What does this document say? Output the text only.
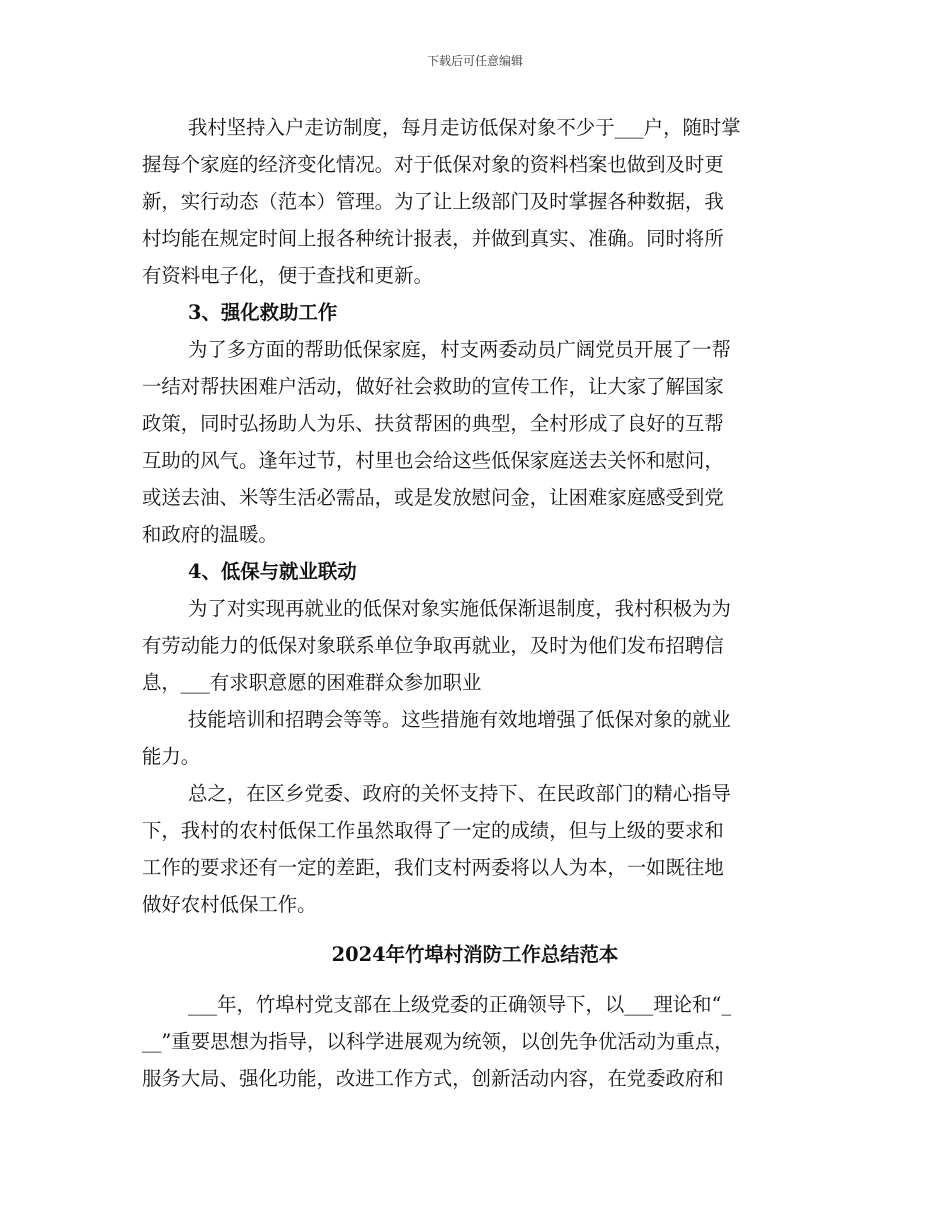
下载后可任意编辑
我村坚持入户走访制度，每月走访低保对象不少于___户，随时掌
握每个家庭的经济变化情况。对于低保对象的资料档案也做到及时更
新，实行动态（范本）管理。为了让上级部门及时掌握各种数据，我
村均能在规定时间上报各种统计报表，并做到真实、准确。同时将所
有资料电子化，便于查找和更新。
3、强化救助工作
为了多方面的帮助低保家庭，村支两委动员广阔党员开展了一帮
一结对帮扶困难户活动，做好社会救助的宣传工作，让大家了解国家
政策，同时弘扬助人为乐、扶贫帮困的典型，全村形成了良好的互帮
互助的风气。逢年过节，村里也会给这些低保家庭送去关怀和慰问，
或送去油、米等生活必需品，或是发放慰问金，让困难家庭感受到党
和政府的温暖。
4、低保与就业联动
为了对实现再就业的低保对象实施低保渐退制度，我村积极为为
有劳动能力的低保对象联系单位争取再就业，及时为他们发布招聘信
息，___有求职意愿的困难群众参加职业
技能培训和招聘会等等。这些措施有效地增强了低保对象的就业
能力。
总之，在区乡党委、政府的关怀支持下、在民政部门的精心指导
下，我村的农村低保工作虽然取得了一定的成绩，但与上级的要求和
工作的要求还有一定的差距，我们支村两委将以人为本，一如既往地
做好农村低保工作。
2024年竹埠村消防工作总结范本
___年，竹埠村党支部在上级党委的正确领导下，以___理论和“_
__”重要思想为指导，以科学进展观为统领，以创先争优活动为重点，
服务大局、强化功能，改进工作方式，创新活动内容，在党委政府和
